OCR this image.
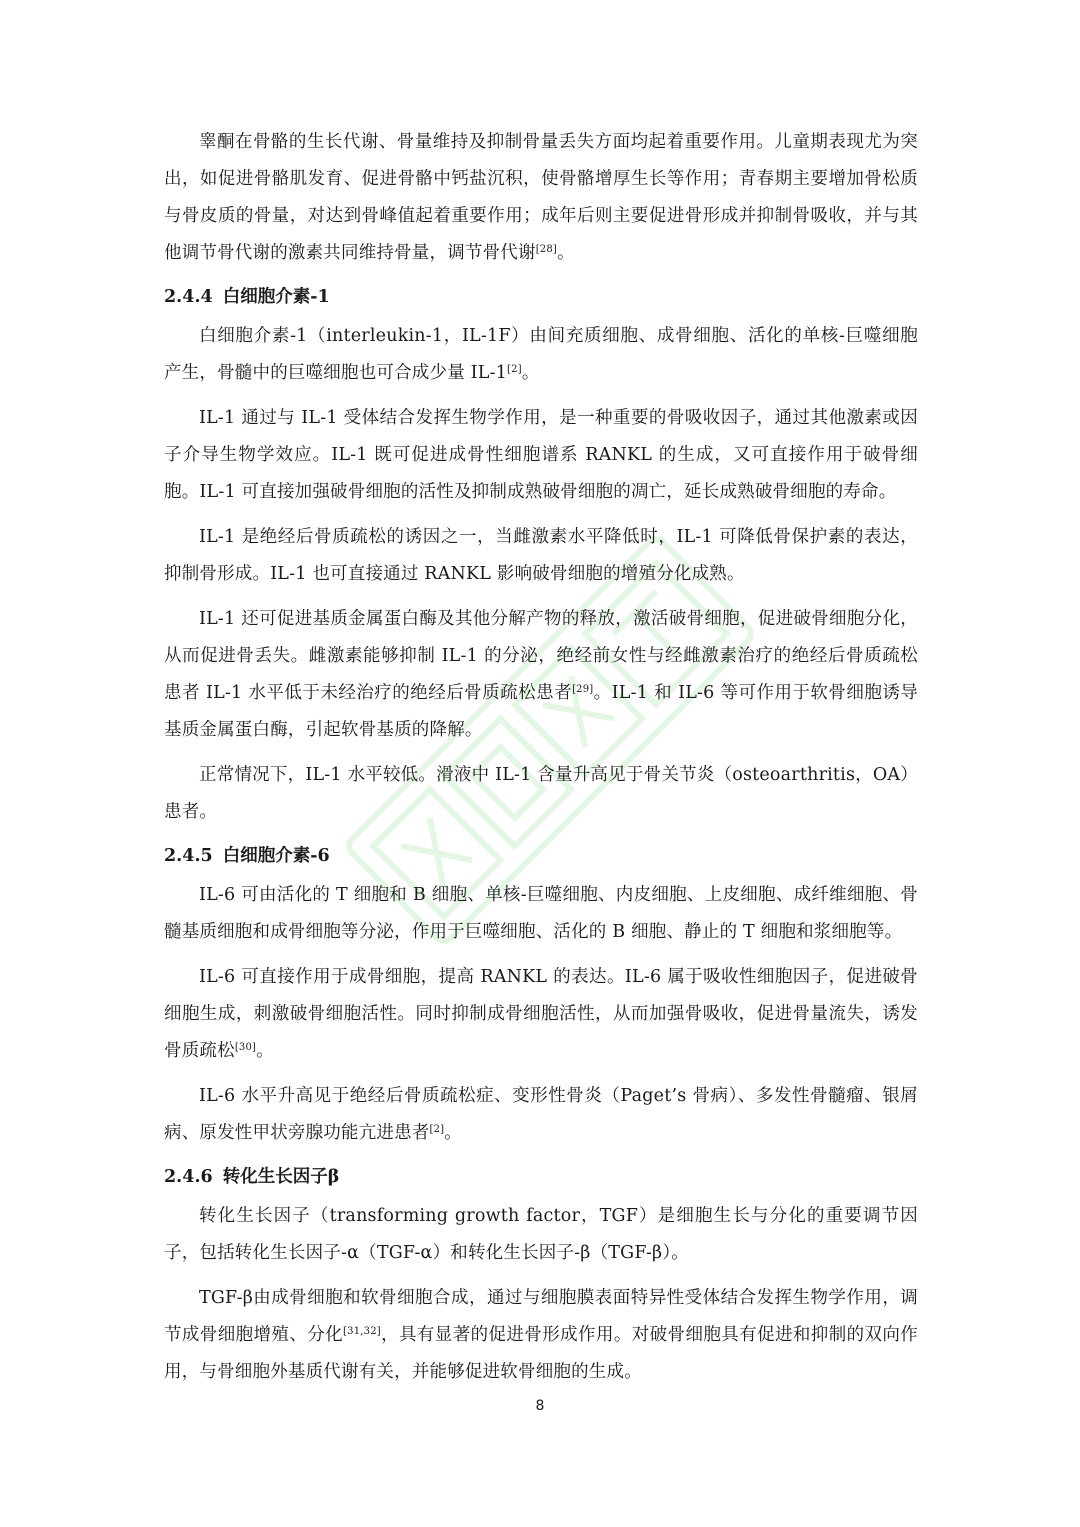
睾酮在骨骼的生长代谢、骨量维持及抑制骨量丢失方面均起着重要作用。儿童期表现尤为突出，如促进骨骼肌发育、促进骨骼中钙盐沉积，使骨骼增厚生长等作用；青春期主要增加骨松质与骨皮质的骨量，对达到骨峰值起着重要作用；成年后则主要促进骨形成并抑制骨吸收，并与其他调节骨代谢的激素共同维持骨量，调节骨代谢[28]。

2.4.4 白细胞介素-1

白细胞介素-1（interleukin-1，IL-1F）由间充质细胞、成骨细胞、活化的单核-巨噬细胞产生，骨髓中的巨噬细胞也可合成少量 IL-1[2]。

IL-1 通过与 IL-1 受体结合发挥生物学作用，是一种重要的骨吸收因子，通过其他激素或因子介导生物学效应。IL-1 既可促进成骨性细胞谱系 RANKL 的生成，又可直接作用于破骨细胞。IL-1 可直接加强破骨细胞的活性及抑制成熟破骨细胞的凋亡，延长成熟破骨细胞的寿命。

IL-1 是绝经后骨质疏松的诱因之一，当雌激素水平降低时，IL-1 可降低骨保护素的表达，抑制骨形成。IL-1 也可直接通过 RANKL 影响破骨细胞的增殖分化成熟。

IL-1 还可促进基质金属蛋白酶及其他分解产物的释放，激活破骨细胞，促进破骨细胞分化，从而促进骨丢失。雌激素能够抑制 IL-1 的分泌，绝经前女性与经雌激素治疗的绝经后骨质疏松患者 IL-1 水平低于未经治疗的绝经后骨质疏松患者[29]。IL-1 和 IL-6 等可作用于软骨细胞诱导基质金属蛋白酶，引起软骨基质的降解。

正常情况下，IL-1 水平较低。滑液中 IL-1 含量升高见于骨关节炎（osteoarthritis，OA）患者。

2.4.5 白细胞介素-6

IL-6 可由活化的 T 细胞和 B 细胞、单核-巨噬细胞、内皮细胞、上皮细胞、成纤维细胞、骨髓基质细胞和成骨细胞等分泌，作用于巨噬细胞、活化的 B 细胞、静止的 T 细胞和浆细胞等。

IL-6 可直接作用于成骨细胞，提高 RANKL 的表达。IL-6 属于吸收性细胞因子，促进破骨细胞生成，刺激破骨细胞活性。同时抑制成骨细胞活性，从而加强骨吸收，促进骨量流失，诱发骨质疏松[30]。

IL-6 水平升高见于绝经后骨质疏松症、变形性骨炎（Paget’s 骨病）、多发性骨髓瘤、银屑病、原发性甲状旁腺功能亢进患者[2]。

2.4.6 转化生长因子β

转化生长因子（transforming growth factor，TGF）是细胞生长与分化的重要调节因子，包括转化生长因子-α（TGF-α）和转化生长因子-β（TGF-β）。

TGF-β由成骨细胞和软骨细胞合成，通过与细胞膜表面特异性受体结合发挥生物学作用，调节成骨细胞增殖、分化[31,32]，具有显著的促进骨形成作用。对破骨细胞具有促进和抑制的双向作用，与骨细胞外基质代谢有关，并能够促进软骨细胞的生成。

8
